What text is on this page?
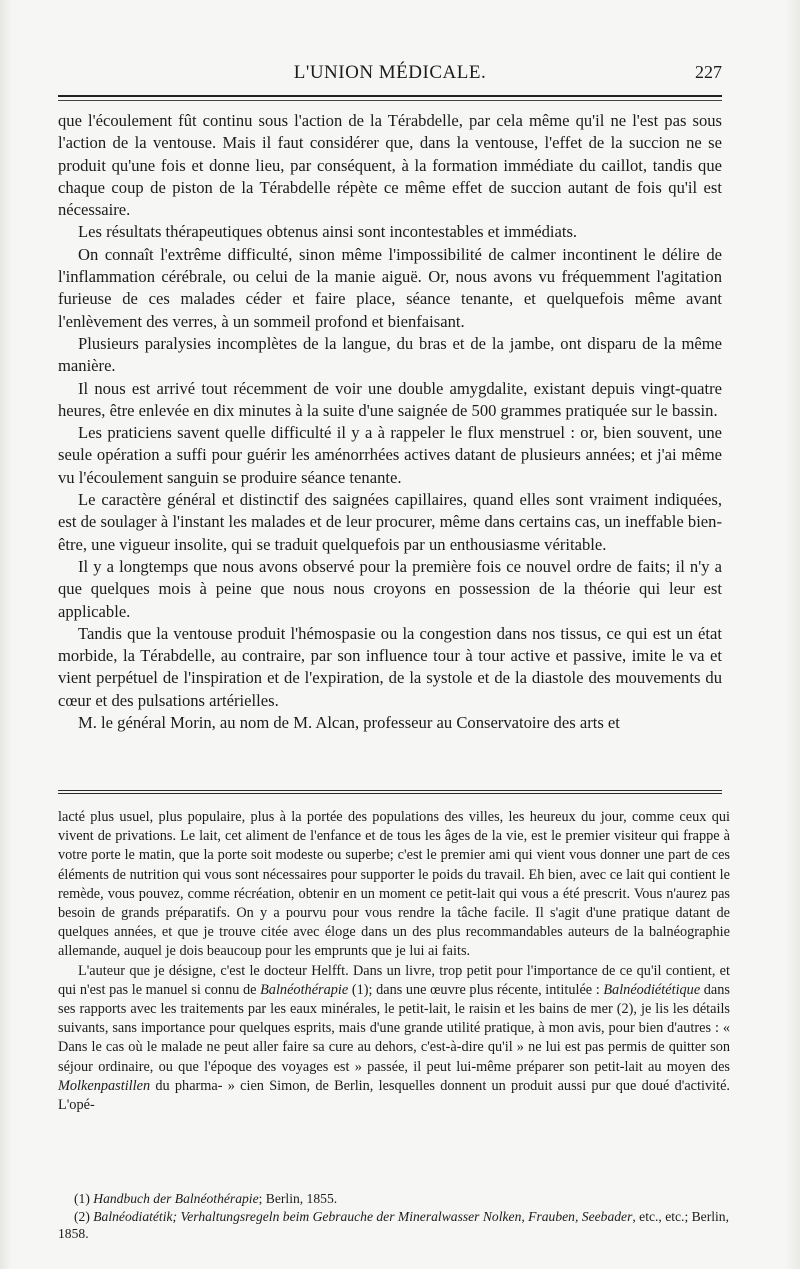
L'UNION MÉDICALE.	227

que l'écoulement fût continu sous l'action de la Térabdelle, par cela même qu'il ne l'est pas sous l'action de la ventouse. Mais il faut considérer que, dans la ventouse, l'effet de la succion ne se produit qu'une fois et donne lieu, par conséquent, à la formation immédiate du caillot, tandis que chaque coup de piston de la Térabdelle répète ce même effet de succion autant de fois qu'il est nécessaire.

Les résultats thérapeutiques obtenus ainsi sont incontestables et immédiats.

On connaît l'extrême difficulté, sinon même l'impossibilité de calmer incontinent le délire de l'inflammation cérébrale, ou celui de la manie aiguë. Or, nous avons vu fréquemment l'agitation furieuse de ces malades céder et faire place, séance tenante, et quelquefois même avant l'enlèvement des verres, à un sommeil profond et bienfaisant.

Plusieurs paralysies incomplètes de la langue, du bras et de la jambe, ont disparu de la même manière.

Il nous est arrivé tout récemment de voir une double amygdalite, existant depuis vingt-quatre heures, être enlevée en dix minutes à la suite d'une saignée de 500 grammes pratiquée sur le bassin.

Les praticiens savent quelle difficulté il y a à rappeler le flux menstruel : or, bien souvent, une seule opération a suffi pour guérir les aménorrhées actives datant de plusieurs années; et j'ai même vu l'écoulement sanguin se produire séance tenante.

Le caractère général et distinctif des saignées capillaires, quand elles sont vraiment indiquées, est de soulager à l'instant les malades et de leur procurer, même dans certains cas, un ineffable bien-être, une vigueur insolite, qui se traduit quelquefois par un enthousiasme véritable.

Il y a longtemps que nous avons observé pour la première fois ce nouvel ordre de faits; il n'y a que quelques mois à peine que nous nous croyons en possession de la théorie qui leur est applicable.

Tandis que la ventouse produit l'hémospasie ou la congestion dans nos tissus, ce qui est un état morbide, la Térabdelle, au contraire, par son influence tour à tour active et passive, imite le va et vient perpétuel de l'inspiration et de l'expiration, de la systole et de la diastole des mouvements du cœur et des pulsations artérielles.

M. le général Morin, au nom de M. Alcan, professeur au Conservatoire des arts et

lacté plus usuel, plus populaire, plus à la portée des populations des villes, les heureux du jour, comme ceux qui vivent de privations. Le lait, cet aliment de l'enfance et de tous les âges de la vie, est le premier visiteur qui frappe à votre porte le matin, que la porte soit modeste ou superbe; c'est le premier ami qui vient vous donner une part de ces éléments de nutrition qui vous sont nécessaires pour supporter le poids du travail. Eh bien, avec ce lait qui contient le remède, vous pouvez, comme récréation, obtenir en un moment ce petit-lait qui vous a été prescrit. Vous n'aurez pas besoin de grands préparatifs. On y a pourvu pour vous rendre la tâche facile. Il s'agit d'une pratique datant de quelques années, et que je trouve citée avec éloge dans un des plus recommandables auteurs de la balnéographie allemande, auquel je dois beaucoup pour les emprunts que je lui ai faits.

L'auteur que je désigne, c'est le docteur Helfft. Dans un livre, trop petit pour l'importance de ce qu'il contient, et qui n'est pas le manuel si connu de Balnéothérapie (1); dans une œuvre plus récente, intitulée : Balnéodiététique dans ses rapports avec les traitements par les eaux minérales, le petit-lait, le raisin et les bains de mer (2), je lis les détails suivants, sans importance pour quelques esprits, mais d'une grande utilité pratique, à mon avis, pour bien d'autres : « Dans le cas où le malade ne peut aller faire sa cure au dehors, c'est-à-dire qu'il » ne lui est pas permis de quitter son séjour ordinaire, ou que l'époque des voyages est » passée, il peut lui-même préparer son petit-lait au moyen des Molkenpastillen du pharma- » cien Simon, de Berlin, lesquelles donnent un produit aussi pur que doué d'activité. L'opé-

(1) Handbuch der Balnéothérapie; Berlin, 1855.

(2) Balnéodiatétik; Verhaltungsregeln beim Gebrauche der Mineralwasser Nolken, Frauben, Seebader, etc., etc.; Berlin, 1858.
